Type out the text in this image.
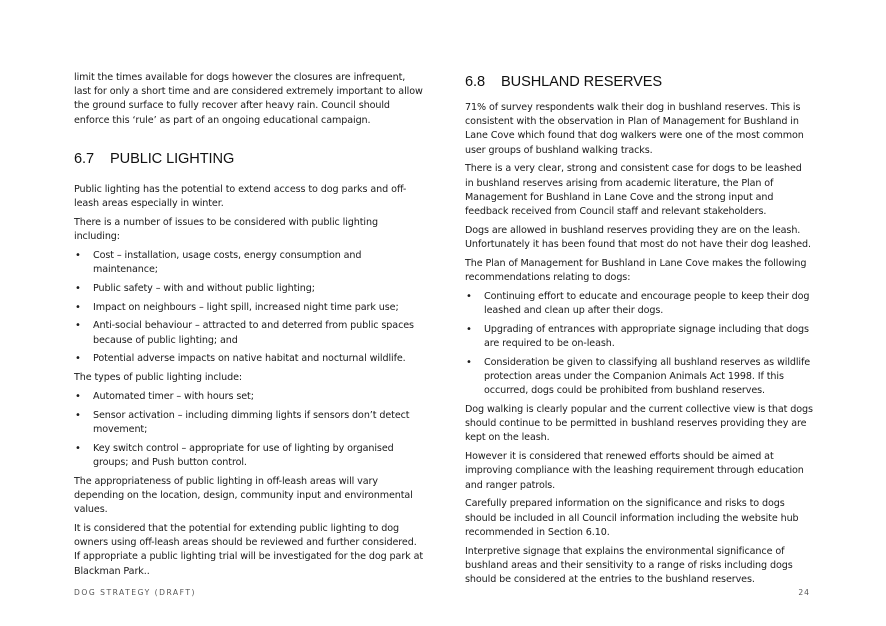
limit the times available for dogs however the closures are infrequent, last for only a short time and are considered extremely important to allow the ground surface to fully recover after heavy rain. Council should enforce this ‘rule’ as part of an ongoing educational campaign.

6.7 PUBLIC LIGHTING

Public lighting has the potential to extend access to dog parks and off-leash areas especially in winter.

There is a number of issues to be considered with public lighting including:

• Cost – installation, usage costs, energy consumption and maintenance;
• Public safety – with and without public lighting;
• Impact on neighbours – light spill, increased night time park use;
• Anti-social behaviour – attracted to and deterred from public spaces because of public lighting; and
• Potential adverse impacts on native habitat and nocturnal wildlife.

The types of public lighting include:

• Automated timer – with hours set;
• Sensor activation – including dimming lights if sensors don’t detect movement;
• Key switch control – appropriate for use of lighting by organised groups; and Push button control.

The appropriateness of public lighting in off-leash areas will vary depending on the location, design, community input and environmental values.

It is considered that the potential for extending public lighting to dog owners using off-leash areas should be reviewed and further considered. If appropriate a public lighting trial will be investigated for the dog park at Blackman Park..

6.8 BUSHLAND RESERVES

71% of survey respondents walk their dog in bushland reserves. This is consistent with the observation in Plan of Management for Bushland in Lane Cove which found that dog walkers were one of the most common user groups of bushland walking tracks.

There is a very clear, strong and consistent case for dogs to be leashed in bushland reserves arising from academic literature, the Plan of Management for Bushland in Lane Cove and the strong input and feedback received from Council staff and relevant stakeholders.

Dogs are allowed in bushland reserves providing they are on the leash. Unfortunately it has been found that most do not have their dog leashed.

The Plan of Management for Bushland in Lane Cove makes the following recommendations relating to dogs:

• Continuing effort to educate and encourage people to keep their dog leashed and clean up after their dogs.
• Upgrading of entrances with appropriate signage including that dogs are required to be on-leash.
• Consideration be given to classifying all bushland reserves as wildlife protection areas under the Companion Animals Act 1998. If this occurred, dogs could be prohibited from bushland reserves.

Dog walking is clearly popular and the current collective view is that dogs should continue to be permitted in bushland reserves providing they are kept on the leash.

However it is considered that renewed efforts should be aimed at improving compliance with the leashing requirement through education and ranger patrols.

Carefully prepared information on the significance and risks to dogs should be included in all Council information including the website hub recommended in Section 6.10.

Interpretive signage that explains the environmental significance of bushland areas and their sensitivity to a range of risks including dogs should be considered at the entries to the bushland reserves.

DOG STRATEGY (DRAFT)	24
